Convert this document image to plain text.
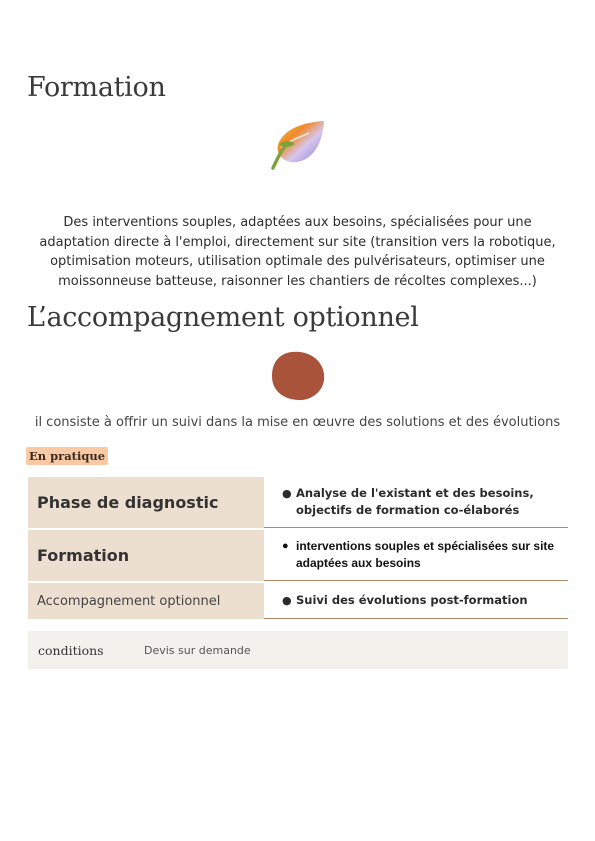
Formation
Des interventions souples, adaptées aux besoins, spécialisées pour une adaptation directe à l'emploi, directement sur site (transition vers la robotique, optimisation moteurs, utilisation optimale des pulvérisateurs, optimiser une moissonneuse batteuse, raisonner les chantiers de récoltes complexes...)
L’accompagnement optionnel
il consiste à offrir un suivi dans la mise en œuvre des solutions et des évolutions
En pratique
Phase de diagnostic	● Analyse de l'existant et des besoins, objectifs de formation co-élaborés
Formation	● interventions souples et spécialisées sur site adaptées aux besoins
Accompagnement optionnel	● Suivi des évolutions post-formation
conditions	Devis sur demande
